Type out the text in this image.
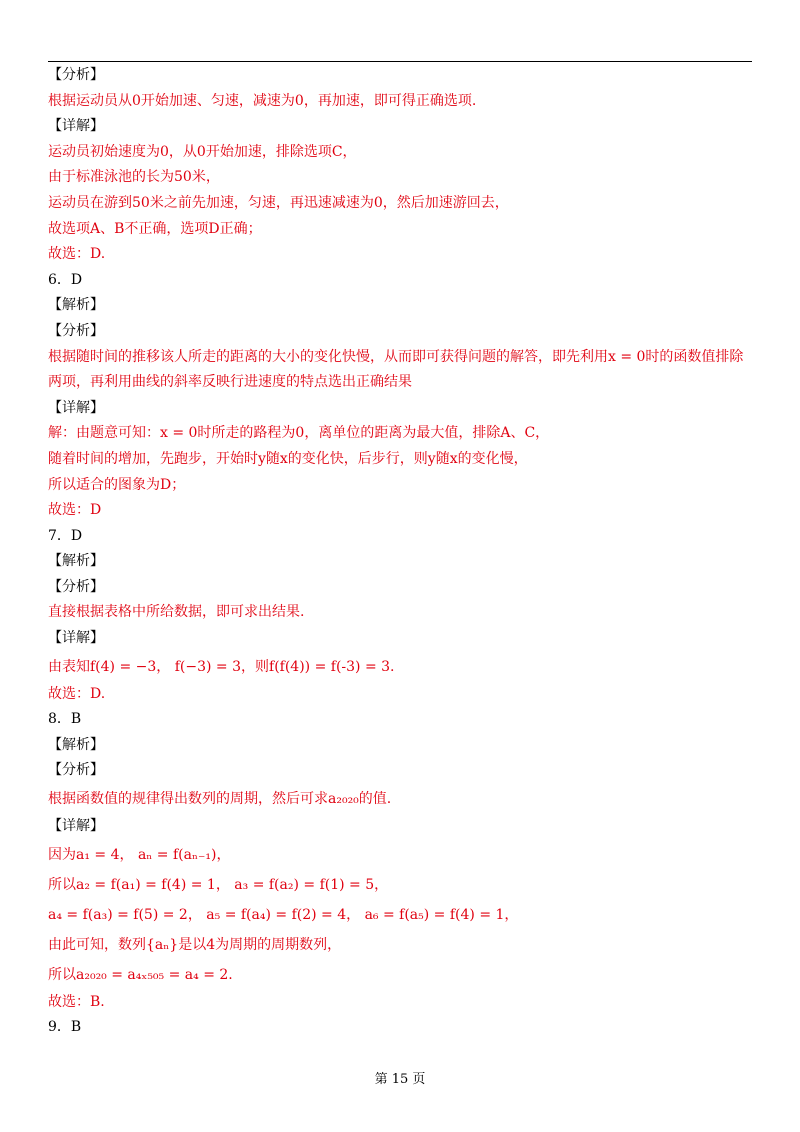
【分析】
根据运动员从0开始加速、匀速，减速为0，再加速，即可得正确选项.
【详解】
运动员初始速度为0，从0开始加速，排除选项C，
由于标准泳池的长为50米，
运动员在游到50米之前先加速，匀速，再迅速减速为0，然后加速游回去，
故选项A、B不正确，选项D正确；
故选：D.
6．D
【解析】
【分析】
根据随时间的推移该人所走的距离的大小的变化快慢，从而即可获得问题的解答，即先利用x = 0时的函数值排除
两项，再利用曲线的斜率反映行进速度的特点选出正确结果
【详解】
解：由题意可知：x = 0时所走的路程为0，离单位的距离为最大值，排除A、C，
随着时间的增加，先跑步，开始时y随x的变化快，后步行，则y随x的变化慢，
所以适合的图象为D；
故选：D
7．D
【解析】
【分析】
直接根据表格中所给数据，即可求出结果.
【详解】
由表知f(4) = −3， f(−3) = 3，则f(f(4)) = f(-3) = 3.
故选：D.
8．B
【解析】
【分析】
根据函数值的规律得出数列的周期，然后可求a₂₀₂₀的值.
【详解】
因为a₁ = 4， aₙ = f(aₙ₋₁)，
所以a₂ = f(a₁) = f(4) = 1， a₃ = f(a₂) = f(1) = 5，
a₄ = f(a₃) = f(5) = 2， a₅ = f(a₄) = f(2) = 4， a₆ = f(a₅) = f(4) = 1，
由此可知，数列{aₙ}是以4为周期的周期数列，
所以a₂₀₂₀ = a₄ₓ₅₀₅ = a₄ = 2.
故选：B.
9．B
第 15 页
